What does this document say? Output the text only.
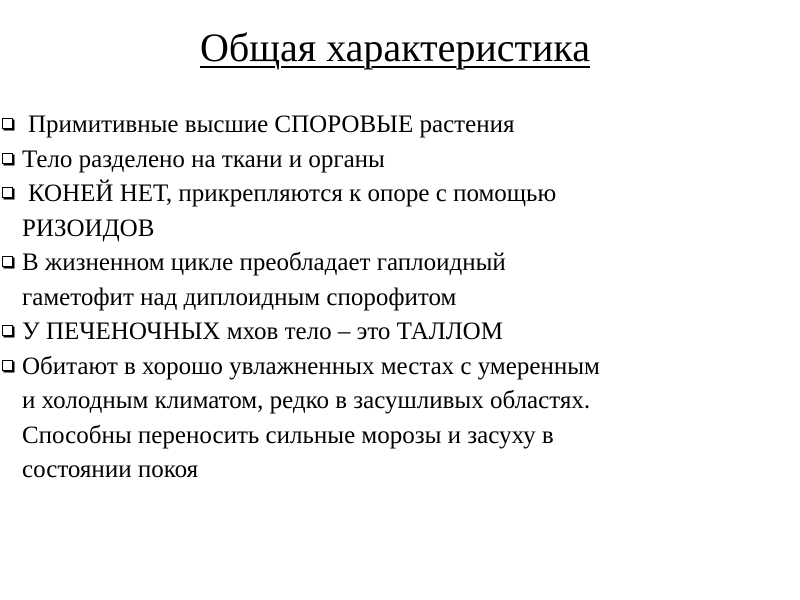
Общая характеристика
Примитивные высшие СПОРОВЫЕ растения
Тело разделено на ткани и органы
КОНЕЙ НЕТ, прикрепляются к опоре с помощью
РИЗОИДОВ
В жизненном цикле преобладает гаплоидный
гаметофит над диплоидным спорофитом
У ПЕЧЕНОЧНЫХ мхов тело – это ТАЛЛОМ
Обитают в хорошо увлажненных местах с умеренным
и холодным климатом, редко в засушливых областях.
Способны переносить сильные морозы и засуху в
состоянии покоя
